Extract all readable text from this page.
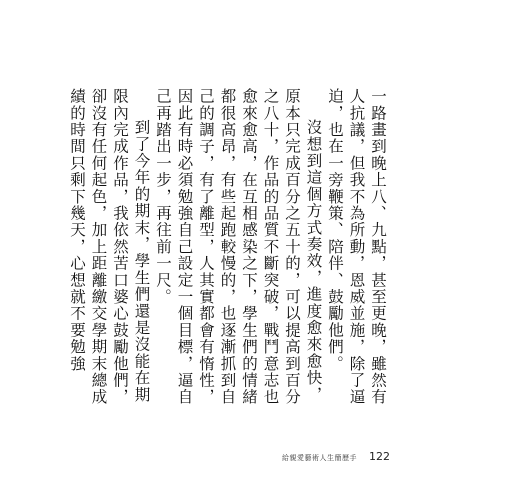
一路畫到晚上八、九點，甚至更晚，雖然有人抗議，但我不為所動，恩威並施，除了逼迫，也在一旁鞭策、陪伴、鼓勵他們。

沒想到這個方式奏效，進度愈來愈快，原本只完成百分之五十的，可以提高到百分之八十，作品的品質不斷突破，戰鬥意志也愈來愈高，在互相感染之下，學生們的情緒都很高昂，有些起跑較慢的，也逐漸抓到自己的調子，有了離型，人其實都會有惰性，因此有時必須勉強自己設定一個目標，逼自己再踏出一步，再往前一尺。

到了今年的期末，學生們還是沒能在期限內完成作品，我依然苦口婆心鼓勵他們，卻沒有任何起色，加上距離繳交學期末總成績的時間只剩下幾天，心想就不要勉強

給親愛藝術人生簡歷手 122
